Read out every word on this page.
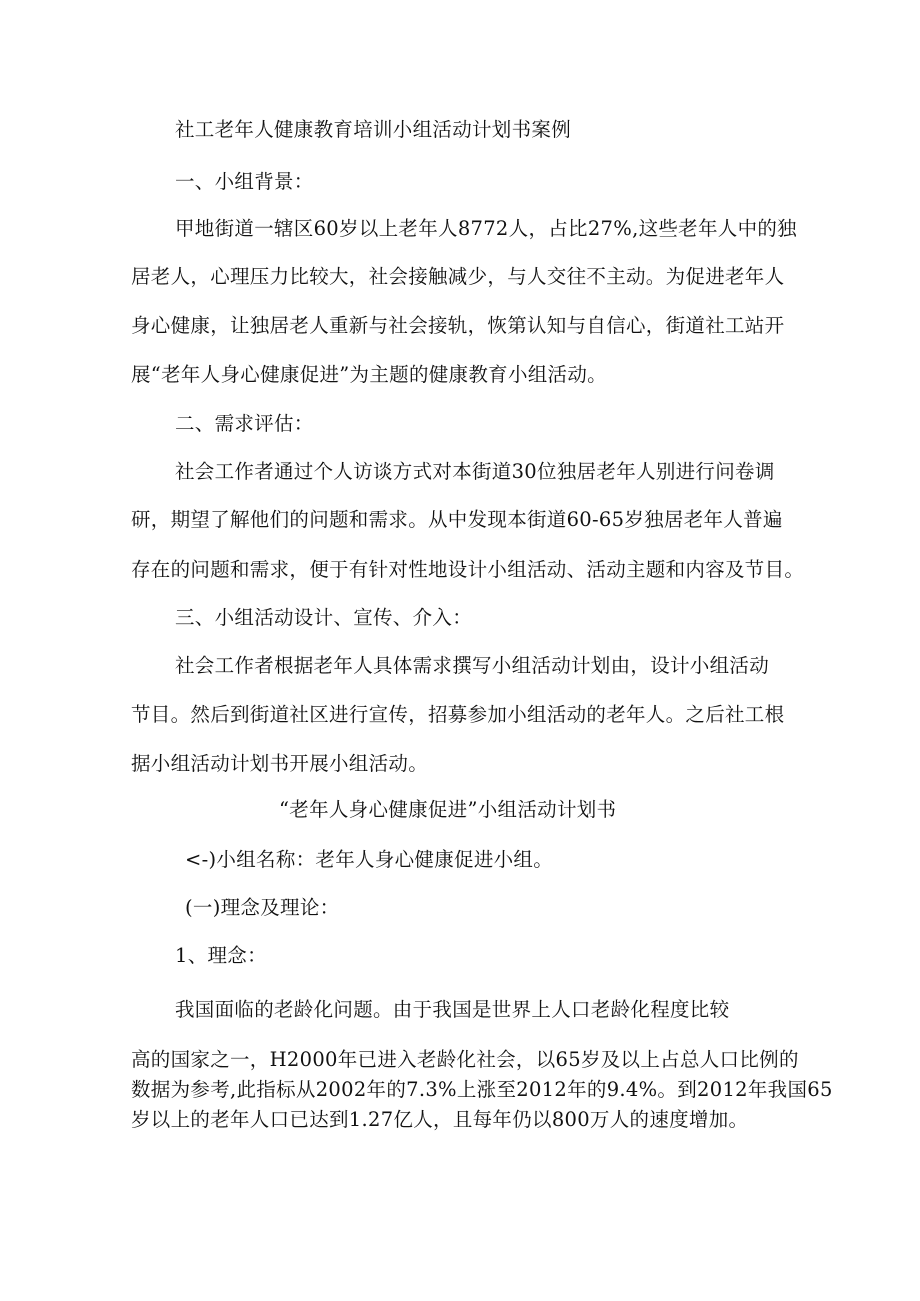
社工老年人健康教育培训小组活动计划书案例
一、小组背景：
甲地街道一辖区60岁以上老年人8772人，占比27%,这些老年人中的独
居老人，心理压力比较大，社会接触减少，与人交往不主动。为促进老年人
身心健康，让独居老人重新与社会接轨，恢第认知与自信心，街道社工站开
展“老年人身心健康促进”为主题的健康教育小组活动。
二、需求评估：
社会工作者通过个人访谈方式对本街道30位独居老年人别进行问卷调
研，期望了解他们的问题和需求。从中发现本街道60-65岁独居老年人普遍
存在的问题和需求，便于有针对性地设计小组活动、活动主题和内容及节目。
三、小组活动设计、宣传、介入：
社会工作者根据老年人具体需求撰写小组活动计划由，设计小组活动
节目。然后到街道社区进行宣传，招募参加小组活动的老年人。之后社工根
据小组活动计划书开展小组活动。
“老年人身心健康促进”小组活动计划书
<-)小组名称：老年人身心健康促进小组。
(一)理念及理论：
1、理念：
我国面临的老龄化问题。由于我国是世界上人口老龄化程度比较
高的国家之一，H2000年已进入老龄化社会，以65岁及以上占总人口比例的
数据为参考,此指标从2002年的7.3%上涨至2012年的9.4%。到2012年我国65
岁以上的老年人口已达到1.27亿人，且每年仍以800万人的速度增加。
